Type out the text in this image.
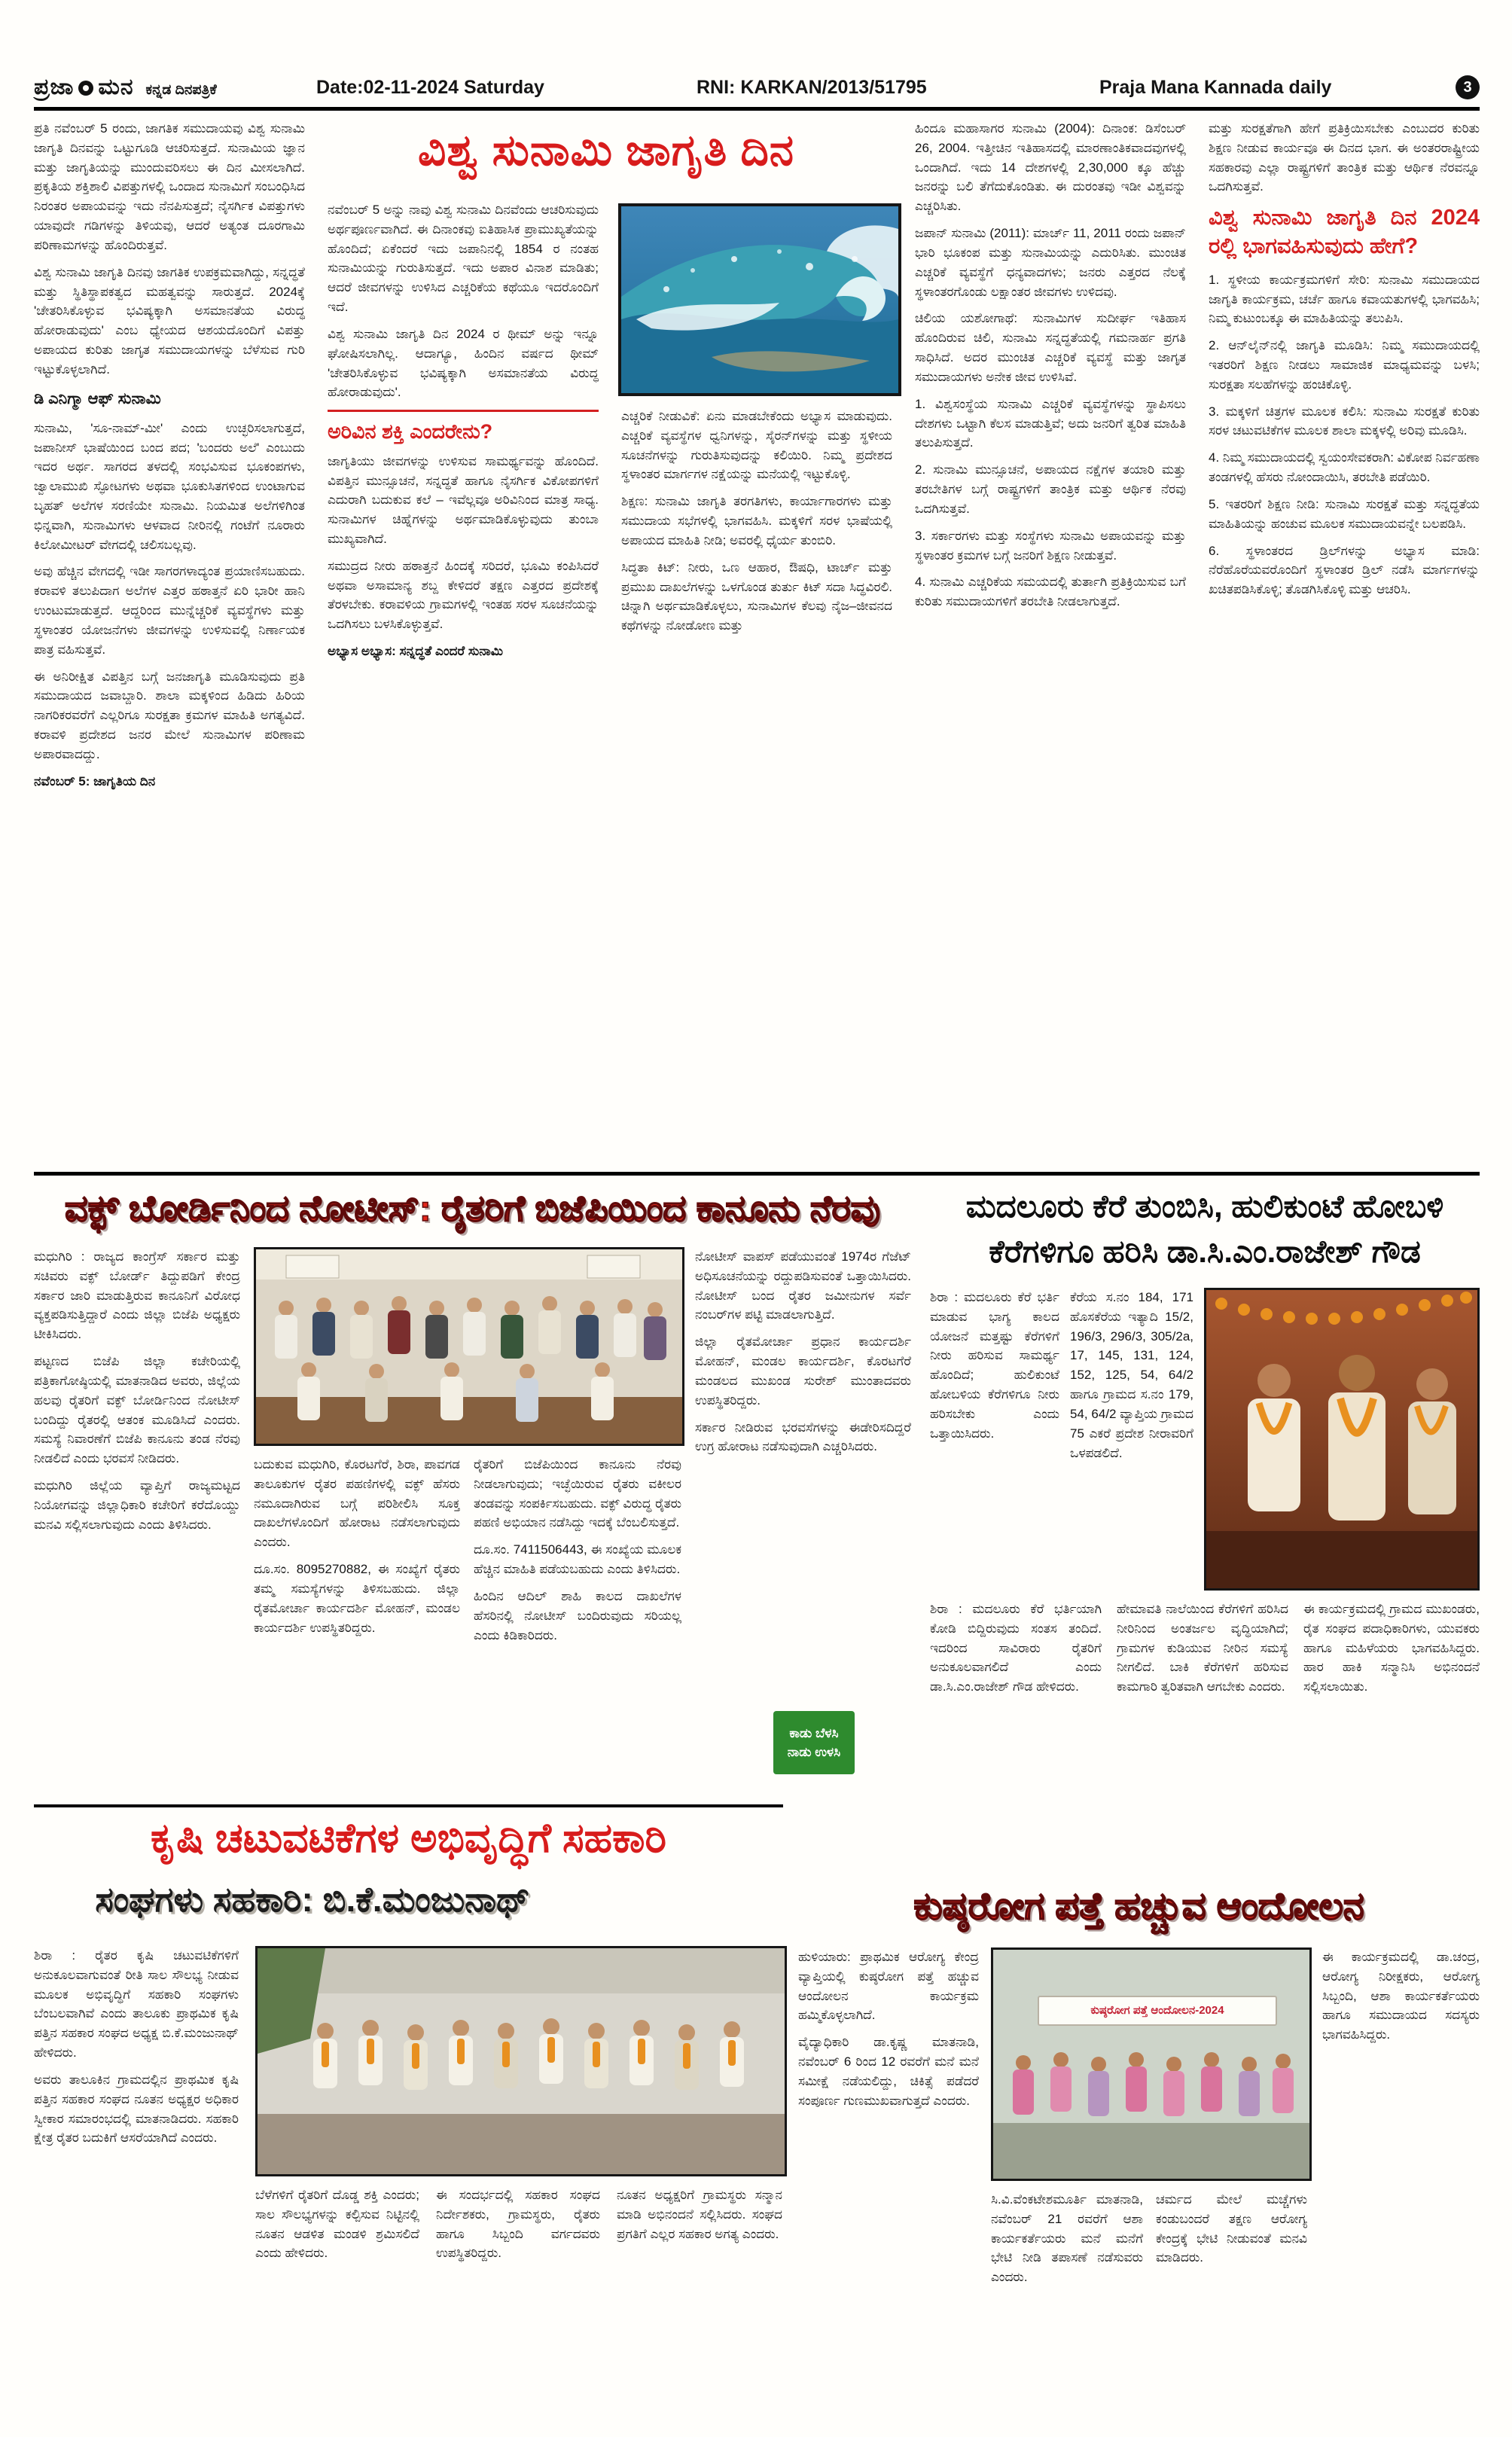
ಪ್ರಜಾ ಮನ ಕನ್ನಡ ದಿನಪತ್ರಿಕೆ	Date:02-11-2024 Saturday	RNI: KARKAN/2013/51795	Praja Mana Kannada daily	3
ವಿಶ್ವ ಸುನಾಮಿ ಜಾಗೃತಿ ದಿನ

ಪ್ರತಿ ನವೆಂಬರ್ 5 ರಂದು, ಜಾಗತಿಕ ಸಮುದಾಯವು ವಿಶ್ವ ಸುನಾಮಿ ಜಾಗೃತಿ ದಿನವನ್ನು ಒಟ್ಟುಗೂಡಿ ಆಚರಿಸುತ್ತದೆ. ಸುನಾಮಿಯ ಜ್ಞಾನ ಮತ್ತು ಜಾಗೃತಿಯನ್ನು ಮುಂದುವರಿಸಲು ಈ ದಿನ ಮೀಸಲಾಗಿದೆ. ಪ್ರಕೃತಿಯ ಶಕ್ತಿಶಾಲಿ ವಿಪತ್ತುಗಳಲ್ಲಿ ಒಂದಾದ ಸುನಾಮಿಗೆ ಸಂಬಂಧಿಸಿದ ನಿರಂತರ ಅಪಾಯವನ್ನು ಇದು ನೆನಪಿಸುತ್ತದೆ; ನೈಸರ್ಗಿಕ ವಿಪತ್ತುಗಳು ಯಾವುದೇ ಗಡಿಗಳನ್ನು ತಿಳಿಯವು, ಆದರೆ ಅತ್ಯಂತ ದೂರಗಾಮಿ ಪರಿಣಾಮಗಳನ್ನು ಹೊಂದಿರುತ್ತವೆ.

ವಿಶ್ವ ಸುನಾಮಿ ಜಾಗೃತಿ ದಿನವು ಜಾಗತಿಕ ಉಪಕ್ರಮವಾಗಿದ್ದು, ಸನ್ನದ್ಧತೆ ಮತ್ತು ಸ್ಥಿತಿಸ್ಥಾಪಕತ್ವದ ಮಹತ್ವವನ್ನು ಸಾರುತ್ತದೆ. 2024ಕ್ಕೆ 'ಚೇತರಿಸಿಕೊಳ್ಳುವ ಭವಿಷ್ಯಕ್ಕಾಗಿ ಅಸಮಾನತೆಯ ವಿರುದ್ಧ ಹೋರಾಡುವುದು' ಎಂಬ ಧ್ಯೇಯದ ಆಶಯದೊಂದಿಗೆ ವಿಪತ್ತು ಅಪಾಯದ ಕುರಿತು ಜಾಗೃತ ಸಮುದಾಯಗಳನ್ನು ಬೆಳೆಸುವ ಗುರಿ ಇಟ್ಟುಕೊಳ್ಳಲಾಗಿದೆ.

ಡಿ ಎನಿಗ್ಮಾ ಆಫ್ ಸುನಾಮಿ

ಸುನಾಮಿ, 'ಸೂ-ನಾಮ್-ಮೀ' ಎಂದು ಉಚ್ಛರಿಸಲಾಗುತ್ತದೆ, ಜಪಾನೀಸ್ ಭಾಷೆಯಿಂದ ಬಂದ ಪದ; 'ಬಂದರು ಅಲೆ' ಎಂಬುದು ಇದರ ಅರ್ಥ. ಸಾಗರದ ತಳದಲ್ಲಿ ಸಂಭವಿಸುವ ಭೂಕಂಪಗಳು, ಜ್ವಾಲಾಮುಖಿ ಸ್ಫೋಟಗಳು ಅಥವಾ ಭೂಕುಸಿತಗಳಿಂದ ಉಂಟಾಗುವ ಬೃಹತ್ ಅಲೆಗಳ ಸರಣಿಯೇ ಸುನಾಮಿ. ನಿಯಮಿತ ಅಲೆಗಳಿಗಿಂತ ಭಿನ್ನವಾಗಿ, ಸುನಾಮಿಗಳು ಆಳವಾದ ನೀರಿನಲ್ಲಿ ಗಂಟೆಗೆ ನೂರಾರು ಕಿಲೋಮೀಟರ್ ವೇಗದಲ್ಲಿ ಚಲಿಸಬಲ್ಲವು.

ಅವು ಹೆಚ್ಚಿನ ವೇಗದಲ್ಲಿ ಇಡೀ ಸಾಗರಗಳಾದ್ಯಂತ ಪ್ರಯಾಣಿಸಬಹುದು. ಕರಾವಳಿ ತಲುಪಿದಾಗ ಅಲೆಗಳ ಎತ್ತರ ಹಠಾತ್ತನೆ ಏರಿ ಭಾರೀ ಹಾನಿ ಉಂಟುಮಾಡುತ್ತದೆ. ಆದ್ದರಿಂದ ಮುನ್ನೆಚ್ಚರಿಕೆ ವ್ಯವಸ್ಥೆಗಳು ಮತ್ತು ಸ್ಥಳಾಂತರ ಯೋಜನೆಗಳು ಜೀವಗಳನ್ನು ಉಳಿಸುವಲ್ಲಿ ನಿರ್ಣಾಯಕ ಪಾತ್ರ ವಹಿಸುತ್ತವೆ.

ಈ ಅನಿರೀಕ್ಷಿತ ವಿಪತ್ತಿನ ಬಗ್ಗೆ ಜನಜಾಗೃತಿ ಮೂಡಿಸುವುದು ಪ್ರತಿ ಸಮುದಾಯದ ಜವಾಬ್ದಾರಿ. ಶಾಲಾ ಮಕ್ಕಳಿಂದ ಹಿಡಿದು ಹಿರಿಯ ನಾಗರಿಕರವರೆಗೆ ಎಲ್ಲರಿಗೂ ಸುರಕ್ಷತಾ ಕ್ರಮಗಳ ಮಾಹಿತಿ ಅಗತ್ಯವಿದೆ. ಕರಾವಳಿ ಪ್ರದೇಶದ ಜನರ ಮೇಲೆ ಸುನಾಮಿಗಳ ಪರಿಣಾಮ ಅಪಾರವಾದದ್ದು.

ನವೆಂಬರ್ 5: ಜಾಗೃತಿಯ ದಿನ

ನವೆಂಬರ್ 5 ಅನ್ನು ನಾವು ವಿಶ್ವ ಸುನಾಮಿ ದಿನವೆಂದು ಆಚರಿಸುವುದು ಅರ್ಥಪೂರ್ಣವಾಗಿದೆ. ಈ ದಿನಾಂಕವು ಐತಿಹಾಸಿಕ ಪ್ರಾಮುಖ್ಯತೆಯನ್ನು ಹೊಂದಿದೆ; ಏಕೆಂದರೆ ಇದು ಜಪಾನಿನಲ್ಲಿ 1854 ರ ನಂತಹ ಸುನಾಮಿಯನ್ನು ಗುರುತಿಸುತ್ತದೆ. ಇದು ಅಪಾರ ವಿನಾಶ ಮಾಡಿತು; ಆದರೆ ಜೀವಗಳನ್ನು ಉಳಿಸಿದ ಎಚ್ಚರಿಕೆಯ ಕಥೆಯೂ ಇದರೊಂದಿಗೆ ಇದೆ.

ವಿಶ್ವ ಸುನಾಮಿ ಜಾಗೃತಿ ದಿನ 2024 ರ ಥೀಮ್ ಅನ್ನು ಇನ್ನೂ ಘೋಷಿಸಲಾಗಿಲ್ಲ. ಆದಾಗ್ಯೂ, ಹಿಂದಿನ ವರ್ಷದ ಥೀಮ್ 'ಚೇತರಿಸಿಕೊಳ್ಳುವ ಭವಿಷ್ಯಕ್ಕಾಗಿ ಅಸಮಾನತೆಯ ವಿರುದ್ಧ ಹೋರಾಡುವುದು'.

ಅರಿವಿನ ಶಕ್ತಿ ಎಂದರೇನು?

ಜಾಗೃತಿಯು ಜೀವಗಳನ್ನು ಉಳಿಸುವ ಸಾಮರ್ಥ್ಯವನ್ನು ಹೊಂದಿದೆ. ವಿಪತ್ತಿನ ಮುನ್ಸೂಚನೆ, ಸನ್ನದ್ಧತೆ ಹಾಗೂ ನೈಸರ್ಗಿಕ ವಿಕೋಪಗಳಿಗೆ ಎದುರಾಗಿ ಬದುಕುವ ಕಲೆ – ಇವೆಲ್ಲವೂ ಅರಿವಿನಿಂದ ಮಾತ್ರ ಸಾಧ್ಯ. ಸುನಾಮಿಗಳ ಚಿಹ್ನೆಗಳನ್ನು ಅರ್ಥಮಾಡಿಕೊಳ್ಳುವುದು ತುಂಬಾ ಮುಖ್ಯವಾಗಿದೆ.

ಸಮುದ್ರದ ನೀರು ಹಠಾತ್ತನೆ ಹಿಂದಕ್ಕೆ ಸರಿದರೆ, ಭೂಮಿ ಕಂಪಿಸಿದರೆ ಅಥವಾ ಅಸಾಮಾನ್ಯ ಶಬ್ದ ಕೇಳಿದರೆ ತಕ್ಷಣ ಎತ್ತರದ ಪ್ರದೇಶಕ್ಕೆ ತೆರಳಬೇಕು. ಕರಾವಳಿಯ ಗ್ರಾಮಗಳಲ್ಲಿ ಇಂತಹ ಸರಳ ಸೂಚನೆಯನ್ನು ಒದಗಿಸಲು ಬಳಸಿಕೊಳ್ಳುತ್ತವೆ.

ಅಭ್ಯಾಸ ಅಭ್ಯಾಸ: ಸನ್ನದ್ಧತೆ ಎಂದರೆ ಸುನಾಮಿ

ಎಚ್ಚರಿಕೆ ನೀಡುವಿಕೆ: ಏನು ಮಾಡಬೇಕೆಂದು ಅಭ್ಯಾಸ ಮಾಡುವುದು. ಎಚ್ಚರಿಕೆ ವ್ಯವಸ್ಥೆಗಳ ಧ್ವನಿಗಳನ್ನು, ಸೈರನ್‌ಗಳನ್ನು ಮತ್ತು ಸ್ಥಳೀಯ ಸೂಚನೆಗಳನ್ನು ಗುರುತಿಸುವುದನ್ನು ಕಲಿಯಿರಿ. ನಿಮ್ಮ ಪ್ರದೇಶದ ಸ್ಥಳಾಂತರ ಮಾರ್ಗಗಳ ನಕ್ಷೆಯನ್ನು ಮನೆಯಲ್ಲಿ ಇಟ್ಟುಕೊಳ್ಳಿ.

ಶಿಕ್ಷಣ: ಸುನಾಮಿ ಜಾಗೃತಿ ತರಗತಿಗಳು, ಕಾರ್ಯಾಗಾರಗಳು ಮತ್ತು ಸಮುದಾಯ ಸಭೆಗಳಲ್ಲಿ ಭಾಗವಹಿಸಿ. ಮಕ್ಕಳಿಗೆ ಸರಳ ಭಾಷೆಯಲ್ಲಿ ಅಪಾಯದ ಮಾಹಿತಿ ನೀಡಿ; ಅವರಲ್ಲಿ ಧೈರ್ಯ ತುಂಬಿರಿ.

ಸಿದ್ಧತಾ ಕಿಟ್: ನೀರು, ಒಣ ಆಹಾರ, ಔಷಧಿ, ಟಾರ್ಚ್ ಮತ್ತು ಪ್ರಮುಖ ದಾಖಲೆಗಳನ್ನು ಒಳಗೊಂಡ ತುರ್ತು ಕಿಟ್ ಸದಾ ಸಿದ್ಧವಿರಲಿ. ಚಿನ್ನಾಗಿ ಅರ್ಥಮಾಡಿಕೊಳ್ಳಲು, ಸುನಾಮಿಗಳ ಕೆಲವು ನೈಜ–ಜೀವನದ ಕಥೆಗಳನ್ನು ನೋಡೋಣ ಮತ್ತು

ಹಿಂದೂ ಮಹಾಸಾಗರ ಸುನಾಮಿ (2004): ದಿನಾಂಕ: ಡಿಸೆಂಬರ್ 26, 2004. ಇತ್ತೀಚಿನ ಇತಿಹಾಸದಲ್ಲಿ ಮಾರಣಾಂತಿಕವಾದವುಗಳಲ್ಲಿ ಒಂದಾಗಿದೆ. ಇದು 14 ದೇಶಗಳಲ್ಲಿ 2,30,000 ಕ್ಕೂ ಹೆಚ್ಚು ಜನರನ್ನು ಬಲಿ ತೆಗೆದುಕೊಂಡಿತು. ಈ ದುರಂತವು ಇಡೀ ವಿಶ್ವವನ್ನು ಎಚ್ಚರಿಸಿತು.

ಜಪಾನ್ ಸುನಾಮಿ (2011): ಮಾರ್ಚ್ 11, 2011 ರಂದು ಜಪಾನ್ ಭಾರಿ ಭೂಕಂಪ ಮತ್ತು ಸುನಾಮಿಯನ್ನು ಎದುರಿಸಿತು. ಮುಂಚಿತ ಎಚ್ಚರಿಕೆ ವ್ಯವಸ್ಥೆಗೆ ಧನ್ಯವಾದಗಳು; ಜನರು ಎತ್ತರದ ನೆಲಕ್ಕೆ ಸ್ಥಳಾಂತರಗೊಂಡು ಲಕ್ಷಾಂತರ ಜೀವಗಳು ಉಳಿದವು.

ಚಿಲಿಯ ಯಶೋಗಾಥೆ: ಸುನಾಮಿಗಳ ಸುದೀರ್ಘ ಇತಿಹಾಸ ಹೊಂದಿರುವ ಚಿಲಿ, ಸುನಾಮಿ ಸನ್ನದ್ಧತೆಯಲ್ಲಿ ಗಮನಾರ್ಹ ಪ್ರಗತಿ ಸಾಧಿಸಿದೆ. ಅದರ ಮುಂಚಿತ ಎಚ್ಚರಿಕೆ ವ್ಯವಸ್ಥೆ ಮತ್ತು ಜಾಗೃತ ಸಮುದಾಯಗಳು ಅನೇಕ ಜೀವ ಉಳಿಸಿವೆ.

1. ವಿಶ್ವಸಂಸ್ಥೆಯ ಸುನಾಮಿ ಎಚ್ಚರಿಕೆ ವ್ಯವಸ್ಥೆಗಳನ್ನು ಸ್ಥಾಪಿಸಲು ದೇಶಗಳು ಒಟ್ಟಾಗಿ ಕೆಲಸ ಮಾಡುತ್ತಿವೆ; ಅದು ಜನರಿಗೆ ತ್ವರಿತ ಮಾಹಿತಿ ತಲುಪಿಸುತ್ತದೆ.

2. ಸುನಾಮಿ ಮುನ್ಸೂಚನೆ, ಅಪಾಯದ ನಕ್ಷೆಗಳ ತಯಾರಿ ಮತ್ತು ತರಬೇತಿಗಳ ಬಗ್ಗೆ ರಾಷ್ಟ್ರಗಳಿಗೆ ತಾಂತ್ರಿಕ ಮತ್ತು ಆರ್ಥಿಕ ನೆರವು ಒದಗಿಸುತ್ತವೆ.

3. ಸರ್ಕಾರಗಳು ಮತ್ತು ಸಂಸ್ಥೆಗಳು ಸುನಾಮಿ ಅಪಾಯವನ್ನು ಮತ್ತು ಸ್ಥಳಾಂತರ ಕ್ರಮಗಳ ಬಗ್ಗೆ ಜನರಿಗೆ ಶಿಕ್ಷಣ ನೀಡುತ್ತವೆ.

4. ಸುನಾಮಿ ಎಚ್ಚರಿಕೆಯ ಸಮಯದಲ್ಲಿ ತುರ್ತಾಗಿ ಪ್ರತಿಕ್ರಿಯಿಸುವ ಬಗೆ ಕುರಿತು ಸಮುದಾಯಗಳಿಗೆ ತರಬೇತಿ ನೀಡಲಾಗುತ್ತದೆ.

ಮತ್ತು ಸುರಕ್ಷತೆಗಾಗಿ ಹೇಗೆ ಪ್ರತಿಕ್ರಿಯಿಸಬೇಕು ಎಂಬುದರ ಕುರಿತು ಶಿಕ್ಷಣ ನೀಡುವ ಕಾರ್ಯವೂ ಈ ದಿನದ ಭಾಗ. ಈ ಅಂತರರಾಷ್ಟ್ರೀಯ ಸಹಕಾರವು ಎಲ್ಲಾ ರಾಷ್ಟ್ರಗಳಿಗೆ ತಾಂತ್ರಿಕ ಮತ್ತು ಆರ್ಥಿಕ ನೆರವನ್ನೂ ಒದಗಿಸುತ್ತವೆ.

ವಿಶ್ವ ಸುನಾಮಿ ಜಾಗೃತಿ ದಿನ 2024 ರಲ್ಲಿ ಭಾಗವಹಿಸುವುದು ಹೇಗೆ?

1. ಸ್ಥಳೀಯ ಕಾರ್ಯಕ್ರಮಗಳಿಗೆ ಸೇರಿ: ಸುನಾಮಿ ಸಮುದಾಯದ ಜಾಗೃತಿ ಕಾರ್ಯಕ್ರಮ, ಚರ್ಚೆ ಹಾಗೂ ಕವಾಯತುಗಳಲ್ಲಿ ಭಾಗವಹಿಸಿ; ನಿಮ್ಮ ಕುಟುಂಬಕ್ಕೂ ಈ ಮಾಹಿತಿಯನ್ನು ತಲುಪಿಸಿ.

2. ಆನ್‌ಲೈನ್‌ನಲ್ಲಿ ಜಾಗೃತಿ ಮೂಡಿಸಿ: ನಿಮ್ಮ ಸಮುದಾಯದಲ್ಲಿ ಇತರರಿಗೆ ಶಿಕ್ಷಣ ನೀಡಲು ಸಾಮಾಜಿಕ ಮಾಧ್ಯಮವನ್ನು ಬಳಸಿ; ಸುರಕ್ಷತಾ ಸಲಹೆಗಳನ್ನು ಹಂಚಿಕೊಳ್ಳಿ.

3. ಮಕ್ಕಳಿಗೆ ಚಿತ್ರಗಳ ಮೂಲಕ ಕಲಿಸಿ: ಸುನಾಮಿ ಸುರಕ್ಷತೆ ಕುರಿತು ಸರಳ ಚಟುವಟಿಕೆಗಳ ಮೂಲಕ ಶಾಲಾ ಮಕ್ಕಳಲ್ಲಿ ಅರಿವು ಮೂಡಿಸಿ.

4. ನಿಮ್ಮ ಸಮುದಾಯದಲ್ಲಿ ಸ್ವಯಂಸೇವಕರಾಗಿ: ವಿಕೋಪ ನಿರ್ವಹಣಾ ತಂಡಗಳಲ್ಲಿ ಹೆಸರು ನೋಂದಾಯಿಸಿ, ತರಬೇತಿ ಪಡೆಯಿರಿ.

5. ಇತರರಿಗೆ ಶಿಕ್ಷಣ ನೀಡಿ: ಸುನಾಮಿ ಸುರಕ್ಷತೆ ಮತ್ತು ಸನ್ನದ್ಧತೆಯ ಮಾಹಿತಿಯನ್ನು ಹಂಚುವ ಮೂಲಕ ಸಮುದಾಯವನ್ನೇ ಬಲಪಡಿಸಿ.

6. ಸ್ಥಳಾಂತರದ ಡ್ರಿಲ್‌ಗಳನ್ನು ಅಭ್ಯಾಸ ಮಾಡಿ: ನೆರೆಹೊರೆಯವರೊಂದಿಗೆ ಸ್ಥಳಾಂತರ ಡ್ರಿಲ್ ನಡೆಸಿ ಮಾರ್ಗಗಳನ್ನು ಖಚಿತಪಡಿಸಿಕೊಳ್ಳಿ; ತೊಡಗಿಸಿಕೊಳ್ಳಿ ಮತ್ತು ಆಚರಿಸಿ.

ವಕ್ಫ್ ಬೋರ್ಡಿನಿಂದ ನೋಟೀಸ್: ರೈತರಿಗೆ ಬಿಜೆಪಿಯಿಂದ ಕಾನೂನು ನೆರವು

ಮಧುಗಿರಿ : ರಾಜ್ಯದ ಕಾಂಗ್ರೆಸ್ ಸರ್ಕಾರ ಮತ್ತು ಸಚಿವರು ವಕ್ಫ್ ಬೋರ್ಡ್ ತಿದ್ದುಪಡಿಗೆ ಕೇಂದ್ರ ಸರ್ಕಾರ ಜಾರಿ ಮಾಡುತ್ತಿರುವ ಕಾನೂನಿಗೆ ವಿರೋಧ ವ್ಯಕ್ತಪಡಿಸುತ್ತಿದ್ದಾರೆ ಎಂದು ಜಿಲ್ಲಾ ಬಿಜೆಪಿ ಅಧ್ಯಕ್ಷರು ಟೀಕಿಸಿದರು.

ಪಟ್ಟಣದ ಬಿಜೆಪಿ ಜಿಲ್ಲಾ ಕಚೇರಿಯಲ್ಲಿ ಪತ್ರಿಕಾಗೋಷ್ಠಿಯಲ್ಲಿ ಮಾತನಾಡಿದ ಅವರು, ಜಿಲ್ಲೆಯ ಹಲವು ರೈತರಿಗೆ ವಕ್ಫ್ ಬೋರ್ಡಿನಿಂದ ನೋಟೀಸ್ ಬಂದಿದ್ದು ರೈತರಲ್ಲಿ ಆತಂಕ ಮೂಡಿಸಿದೆ ಎಂದರು. ಸಮಸ್ಯೆ ನಿವಾರಣೆಗೆ ಬಿಜೆಪಿ ಕಾನೂನು ತಂಡ ನೆರವು ನೀಡಲಿದೆ ಎಂದು ಭರವಸೆ ನೀಡಿದರು.

ಮಧುಗಿರಿ ಜಿಲ್ಲೆಯ ವ್ಯಾಪ್ತಿಗೆ ರಾಜ್ಯಮಟ್ಟದ ನಿಯೋಗವನ್ನು ಜಿಲ್ಲಾಧಿಕಾರಿ ಕಚೇರಿಗೆ ಕರೆದೊಯ್ದು ಮನವಿ ಸಲ್ಲಿಸಲಾಗುವುದು ಎಂದು ತಿಳಿಸಿದರು.

ಬದುಕುವ ಮಧುಗಿರಿ, ಕೊರಟಗೆರೆ, ಶಿರಾ, ಪಾವಗಡ ತಾಲೂಕುಗಳ ರೈತರ ಪಹಣಿಗಳಲ್ಲಿ ವಕ್ಫ್ ಹೆಸರು ನಮೂದಾಗಿರುವ ಬಗ್ಗೆ ಪರಿಶೀಲಿಸಿ ಸೂಕ್ತ ದಾಖಲೆಗಳೊಂದಿಗೆ ಹೋರಾಟ ನಡೆಸಲಾಗುವುದು ಎಂದರು.

ದೂ.ಸಂ. 8095270882, ಈ ಸಂಖ್ಯೆಗೆ ರೈತರು ತಮ್ಮ ಸಮಸ್ಯೆಗಳನ್ನು ತಿಳಿಸಬಹುದು. ಜಿಲ್ಲಾ ರೈತಮೋರ್ಚಾ ಕಾರ್ಯದರ್ಶಿ ಮೋಹನ್, ಮಂಡಲ ಕಾರ್ಯದರ್ಶಿ ಉಪಸ್ಥಿತರಿದ್ದರು.

ರೈತರಿಗೆ ಬಿಜೆಪಿಯಿಂದ ಕಾನೂನು ನೆರವು ನೀಡಲಾಗುವುದು; ಇಚ್ಛೆಯಿರುವ ರೈತರು ವಕೀಲರ ತಂಡವನ್ನು ಸಂಪರ್ಕಿಸಬಹುದು. ವಕ್ಫ್ ವಿರುದ್ಧ ರೈತರು ಪಹಣಿ ಅಭಿಯಾನ ನಡೆಸಿದ್ದು ಇದಕ್ಕೆ ಬೆಂಬಲಿಸುತ್ತದೆ.

ದೂ.ಸಂ. 7411506443, ಈ ಸಂಖ್ಯೆಯ ಮೂಲಕ ಹೆಚ್ಚಿನ ಮಾಹಿತಿ ಪಡೆಯಬಹುದು ಎಂದು ತಿಳಿಸಿದರು.

ಹಿಂದಿನ ಆದಿಲ್ ಶಾಹಿ ಕಾಲದ ದಾಖಲೆಗಳ ಹೆಸರಿನಲ್ಲಿ ನೋಟೀಸ್ ಬಂದಿರುವುದು ಸರಿಯಲ್ಲ ಎಂದು ಕಿಡಿಕಾರಿದರು.

ನೋಟೀಸ್ ವಾಪಸ್ ಪಡೆಯುವಂತೆ 1974ರ ಗೆಜೆಟ್ ಅಧಿಸೂಚನೆಯನ್ನು ರದ್ದುಪಡಿಸುವಂತೆ ಒತ್ತಾಯಿಸಿದರು. ನೋಟೀಸ್ ಬಂದ ರೈತರ ಜಮೀನುಗಳ ಸರ್ವೆ ನಂಬರ್‌ಗಳ ಪಟ್ಟಿ ಮಾಡಲಾಗುತ್ತಿದೆ.

ಜಿಲ್ಲಾ ರೈತಮೋರ್ಚಾ ಪ್ರಧಾನ ಕಾರ್ಯದರ್ಶಿ ಮೋಹನ್, ಮಂಡಲ ಕಾರ್ಯದರ್ಶಿ, ಕೊರಟಗೆರೆ ಮಂಡಲದ ಮುಖಂಡ ಸುರೇಶ್ ಮುಂತಾದವರು ಉಪಸ್ಥಿತರಿದ್ದರು.

ಸರ್ಕಾರ ನೀಡಿರುವ ಭರವಸೆಗಳನ್ನು ಈಡೇರಿಸದಿದ್ದರೆ ಉಗ್ರ ಹೋರಾಟ ನಡೆಸುವುದಾಗಿ ಎಚ್ಚರಿಸಿದರು.

ಕಾಡು ಬೆಳಸಿ
ನಾಡು ಉಳಸಿ
ಮದಲೂರು ಕೆರೆ ತುಂಬಿಸಿ, ಹುಲಿಕುಂಟೆ ಹೋಬಳಿ
ಕೆರೆಗಳಿಗೂ ಹರಿಸಿ ಡಾ.ಸಿ.ಎಂ.ರಾಜೇಶ್ ಗೌಡ

ಶಿರಾ : ಮದಲೂರು ಕೆರೆ ಭರ್ತಿ ಮಾಡುವ ಭಾಗ್ಯ ಕಾಲದ ಯೋಜನೆ ಮತ್ತಷ್ಟು ಕೆರೆಗಳಿಗೆ ನೀರು ಹರಿಸುವ ಸಾಮರ್ಥ್ಯ ಹೊಂದಿದೆ; ಹುಲಿಕುಂಟೆ ಹೋಬಳಿಯ ಕೆರೆಗಳಿಗೂ ನೀರು ಹರಿಸಬೇಕು ಎಂದು ಒತ್ತಾಯಿಸಿದರು.

ಕೆರೆಯ ಸ.ನಂ 184, 171 ಹೊಸಕೆರೆಯ ಇತ್ಯಾದಿ 15/2, 196/3, 296/3, 305/2a, 17, 145, 131, 124, 152, 125, 54, 64/2 ಹಾಗೂ ಗ್ರಾಮದ ಸ.ನಂ 179, 54, 64/2 ವ್ಯಾಪ್ತಿಯ ಗ್ರಾಮದ 75 ಎಕರೆ ಪ್ರದೇಶ ನೀರಾವರಿಗೆ ಒಳಪಡಲಿದೆ.

ಶಿರಾ : ಮದಲೂರು ಕೆರೆ ಭರ್ತಿಯಾಗಿ ಕೋಡಿ ಬಿದ್ದಿರುವುದು ಸಂತಸ ತಂದಿದೆ. ಇದರಿಂದ ಸಾವಿರಾರು ರೈತರಿಗೆ ಅನುಕೂಲವಾಗಲಿದೆ ಎಂದು ಡಾ.ಸಿ.ಎಂ.ರಾಜೇಶ್ ಗೌಡ ಹೇಳಿದರು.

ಹೇಮಾವತಿ ನಾಲೆಯಿಂದ ಕೆರೆಗಳಿಗೆ ಹರಿಸಿದ ನೀರಿನಿಂದ ಅಂತರ್ಜಲ ವೃದ್ಧಿಯಾಗಿದೆ; ಗ್ರಾಮಗಳ ಕುಡಿಯುವ ನೀರಿನ ಸಮಸ್ಯೆ ನೀಗಲಿದೆ. ಬಾಕಿ ಕೆರೆಗಳಿಗೆ ಹರಿಸುವ ಕಾಮಗಾರಿ ತ್ವರಿತವಾಗಿ ಆಗಬೇಕು ಎಂದರು.

ಈ ಕಾರ್ಯಕ್ರಮದಲ್ಲಿ ಗ್ರಾಮದ ಮುಖಂಡರು, ರೈತ ಸಂಘದ ಪದಾಧಿಕಾರಿಗಳು, ಯುವಕರು ಹಾಗೂ ಮಹಿಳೆಯರು ಭಾಗವಹಿಸಿದ್ದರು. ಹಾರ ಹಾಕಿ ಸನ್ಮಾನಿಸಿ ಅಭಿನಂದನೆ ಸಲ್ಲಿಸಲಾಯಿತು.

ಕೃಷಿ ಚಟುವಟಿಕೆಗಳ ಅಭಿವೃದ್ಧಿಗೆ ಸಹಕಾರಿ
ಸಂಘಗಳು ಸಹಕಾರಿ: ಬಿ.ಕೆ.ಮಂಜುನಾಥ್

ಶಿರಾ : ರೈತರ ಕೃಷಿ ಚಟುವಟಿಕೆಗಳಿಗೆ ಅನುಕೂಲವಾಗುವಂತೆ ರೀತಿ ಸಾಲ ಸೌಲಭ್ಯ ನೀಡುವ ಮೂಲಕ ಅಭಿವೃದ್ಧಿಗೆ ಸಹಕಾರಿ ಸಂಘಗಳು ಬೆಂಬಲವಾಗಿವೆ ಎಂದು ತಾಲೂಕು ಪ್ರಾಥಮಿಕ ಕೃಷಿ ಪತ್ತಿನ ಸಹಕಾರ ಸಂಘದ ಅಧ್ಯಕ್ಷ ಬಿ.ಕೆ.ಮಂಜುನಾಥ್ ಹೇಳಿದರು.

ಅವರು ತಾಲೂಕಿನ ಗ್ರಾಮದಲ್ಲಿನ ಪ್ರಾಥಮಿಕ ಕೃಷಿ ಪತ್ತಿನ ಸಹಕಾರ ಸಂಘದ ನೂತನ ಅಧ್ಯಕ್ಷರ ಅಧಿಕಾರ ಸ್ವೀಕಾರ ಸಮಾರಂಭದಲ್ಲಿ ಮಾತನಾಡಿದರು. ಸಹಕಾರಿ ಕ್ಷೇತ್ರ ರೈತರ ಬದುಕಿಗೆ ಆಸರೆಯಾಗಿದೆ ಎಂದರು.

ಬೆಳೆಗಳಿಗೆ ರೈತರಿಗೆ ದೊಡ್ಡ ಶಕ್ತಿ ಎಂದರು; ಸಾಲ ಸೌಲಭ್ಯಗಳನ್ನು ಕಲ್ಪಿಸುವ ನಿಟ್ಟಿನಲ್ಲಿ ನೂತನ ಆಡಳಿತ ಮಂಡಳಿ ಶ್ರಮಿಸಲಿದೆ ಎಂದು ಹೇಳಿದರು.

ಈ ಸಂದರ್ಭದಲ್ಲಿ ಸಹಕಾರ ಸಂಘದ ನಿರ್ದೇಶಕರು, ಗ್ರಾಮಸ್ಥರು, ರೈತರು ಹಾಗೂ ಸಿಬ್ಬಂದಿ ವರ್ಗದವರು ಉಪಸ್ಥಿತರಿದ್ದರು.

ನೂತನ ಅಧ್ಯಕ್ಷರಿಗೆ ಗ್ರಾಮಸ್ಥರು ಸನ್ಮಾನ ಮಾಡಿ ಅಭಿನಂದನೆ ಸಲ್ಲಿಸಿದರು. ಸಂಘದ ಪ್ರಗತಿಗೆ ಎಲ್ಲರ ಸಹಕಾರ ಅಗತ್ಯ ಎಂದರು.

ಕುಷ್ಠರೋಗ ಪತ್ತೆ ಹಚ್ಚುವ ಆಂದೋಲನ
ಕುಷ್ಠರೋಗ ಪತ್ತೆ ಆಂದೋಲನ-2024

ಹುಳಿಯಾರು: ಪ್ರಾಥಮಿಕ ಆರೋಗ್ಯ ಕೇಂದ್ರ ವ್ಯಾಪ್ತಿಯಲ್ಲಿ ಕುಷ್ಠರೋಗ ಪತ್ತೆ ಹಚ್ಚುವ ಆಂದೋಲನ ಕಾರ್ಯಕ್ರಮ ಹಮ್ಮಿಕೊಳ್ಳಲಾಗಿದೆ.

ವೈದ್ಯಾಧಿಕಾರಿ ಡಾ.ಕೃಷ್ಣ ಮಾತನಾಡಿ, ನವೆಂಬರ್ 6 ರಿಂದ 12 ರವರೆಗೆ ಮನೆ ಮನೆ ಸಮೀಕ್ಷೆ ನಡೆಯಲಿದ್ದು, ಚಿಕಿತ್ಸೆ ಪಡೆದರೆ ಸಂಪೂರ್ಣ ಗುಣಮುಖವಾಗುತ್ತದೆ ಎಂದರು.

ಈ ಕಾರ್ಯಕ್ರಮದಲ್ಲಿ ಡಾ.ಚಂದ್ರ, ಆರೋಗ್ಯ ನಿರೀಕ್ಷಕರು, ಆರೋಗ್ಯ ಸಿಬ್ಬಂದಿ, ಆಶಾ ಕಾರ್ಯಕರ್ತೆಯರು ಹಾಗೂ ಸಮುದಾಯದ ಸದಸ್ಯರು ಭಾಗವಹಿಸಿದ್ದರು.

ಸಿ.ವಿ.ವೆಂಕಟೇಶಮೂರ್ತಿ ಮಾತನಾಡಿ, ನವೆಂಬರ್ 21 ರವರೆಗೆ ಆಶಾ ಕಾರ್ಯಕರ್ತೆಯರು ಮನೆ ಮನೆಗೆ ಭೇಟಿ ನೀಡಿ ತಪಾಸಣೆ ನಡೆಸುವರು ಎಂದರು.

ಚರ್ಮದ ಮೇಲೆ ಮಚ್ಚೆಗಳು ಕಂಡುಬಂದರೆ ತಕ್ಷಣ ಆರೋಗ್ಯ ಕೇಂದ್ರಕ್ಕೆ ಭೇಟಿ ನೀಡುವಂತೆ ಮನವಿ ಮಾಡಿದರು.
